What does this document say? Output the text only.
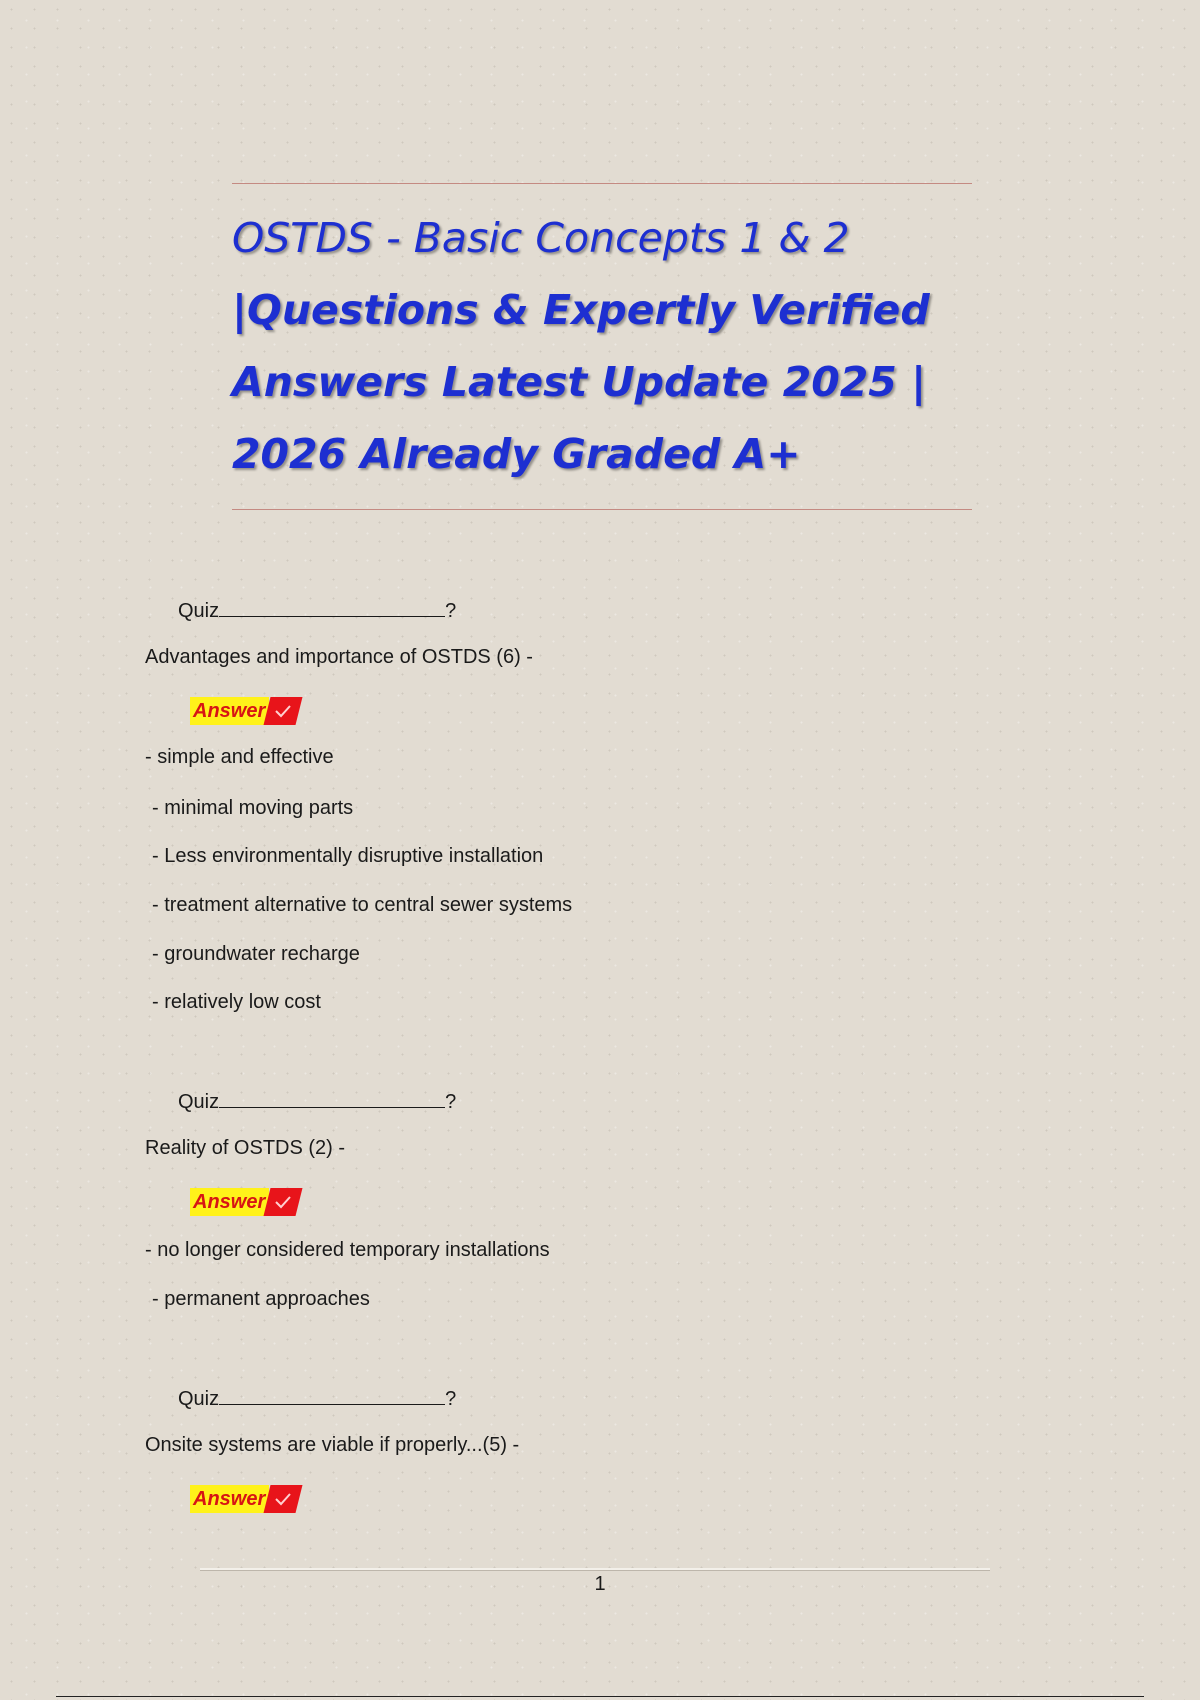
OSTDS - Basic Concepts 1 & 2
|Questions & Expertly Verified
Answers Latest Update 2025 |
2026 Already Graded A+
Quiz	?
Advantages and importance of OSTDS (6) -
Answer
- simple and effective
- minimal moving parts
- Less environmentally disruptive installation
- treatment alternative to central sewer systems
- groundwater recharge
- relatively low cost
Quiz	?
Reality of OSTDS (2) -
Answer
- no longer considered temporary installations
- permanent approaches
Quiz	?
Onsite systems are viable if properly...(5) -
Answer
1
